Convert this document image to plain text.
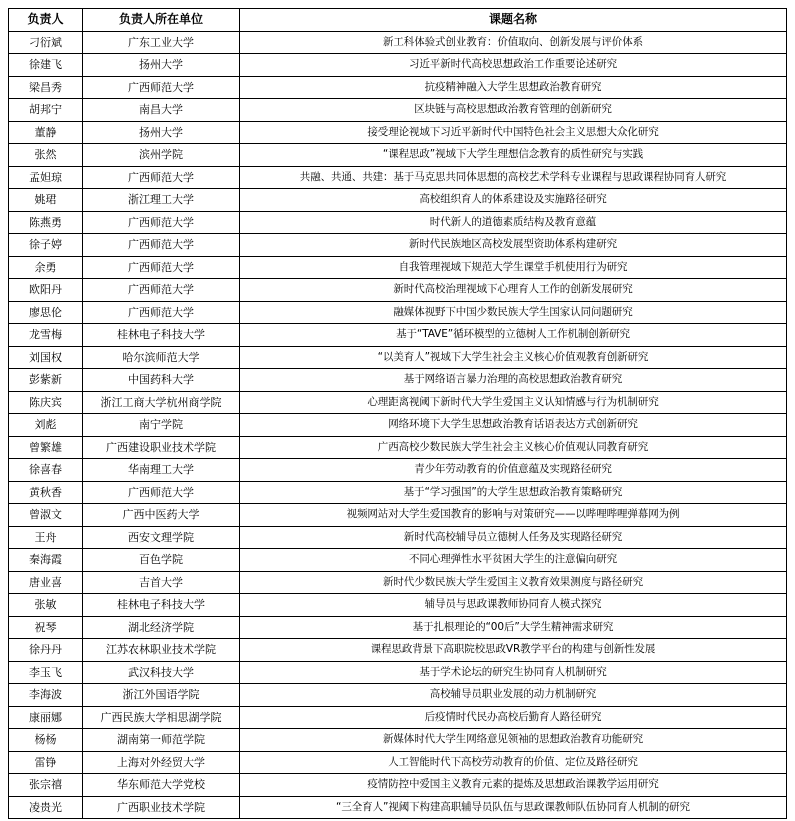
负责人	负责人所在单位	课题名称
刁衍斌	广东工业大学	新工科体验式创业教育：价值取向、创新发展与评价体系
徐建飞	扬州大学	习近平新时代高校思想政治工作重要论述研究
梁昌秀	广西师范大学	抗疫精神融入大学生思想政治教育研究
胡邦宁	南昌大学	区块链与高校思想政治教育管理的创新研究
董静	扬州大学	接受理论视域下习近平新时代中国特色社会主义思想大众化研究
张然	滨州学院	“课程思政”视域下大学生理想信念教育的质性研究与实践
孟妲琼	广西师范大学	共融、共通、共建：基于马克思共同体思想的高校艺术学科专业课程与思政课程协同育人研究
姚珺	浙江理工大学	高校组织育人的体系建设及实施路径研究
陈燕勇	广西师范大学	时代新人的道德素质结构及教育意蕴
徐子婷	广西师范大学	新时代民族地区高校发展型资助体系构建研究
余勇	广西师范大学	自我管理视域下规范大学生课堂手机使用行为研究
欧阳丹	广西师范大学	新时代高校治理视域下心理育人工作的创新发展研究
廖思伦	广西师范大学	融媒体视野下中国少数民族大学生国家认同问题研究
龙雪梅	桂林电子科技大学	基于“TAVE”循环模型的立德树人工作机制创新研究
刘国权	哈尔滨师范大学	“以美育人”视域下大学生社会主义核心价值观教育创新研究
彭紫新	中国药科大学	基于网络语言暴力治理的高校思想政治教育研究
陈庆宾	浙江工商大学杭州商学院	心理距离视阈下新时代大学生爱国主义认知情感与行为机制研究
刘彪	南宁学院	网络环境下大学生思想政治教育话语表达方式创新研究
曾繁雄	广西建设职业技术学院	广西高校少数民族大学生社会主义核心价值观认同教育研究
徐喜春	华南理工大学	青少年劳动教育的价值意蕴及实现路径研究
黄秋香	广西师范大学	基于“学习强国”的大学生思想政治教育策略研究
曾淑文	广西中医药大学	视频网站对大学生爱国教育的影响与对策研究——以哔哩哔哩弹幕网为例
王舟	西安文理学院	新时代高校辅导员立德树人任务及实现路径研究
秦海霞	百色学院	不同心理弹性水平贫困大学生的注意偏向研究
唐业喜	吉首大学	新时代少数民族大学生爱国主义教育效果测度与路径研究
张敏	桂林电子科技大学	辅导员与思政课教师协同育人模式探究
祝琴	湖北经济学院	基于扎根理论的“00后”大学生精神需求研究
徐丹丹	江苏农林职业技术学院	课程思政背景下高职院校思政VR教学平台的构建与创新性发展
李玉飞	武汉科技大学	基于学术论坛的研究生协同育人机制研究
李海波	浙江外国语学院	高校辅导员职业发展的动力机制研究
康丽娜	广西民族大学相思湖学院	后疫情时代民办高校后勤育人路径研究
杨杨	湖南第一师范学院	新媒体时代大学生网络意见领袖的思想政治教育功能研究
雷铮	上海对外经贸大学	人工智能时代下高校劳动教育的价值、定位及路径研究
张宗禧	华东师范大学党校	疫情防控中爱国主义教育元素的提炼及思想政治课教学运用研究
凌贵光	广西职业技术学院	“三全育人”视阈下构建高职辅导员队伍与思政课教师队伍协同育人机制的研究
